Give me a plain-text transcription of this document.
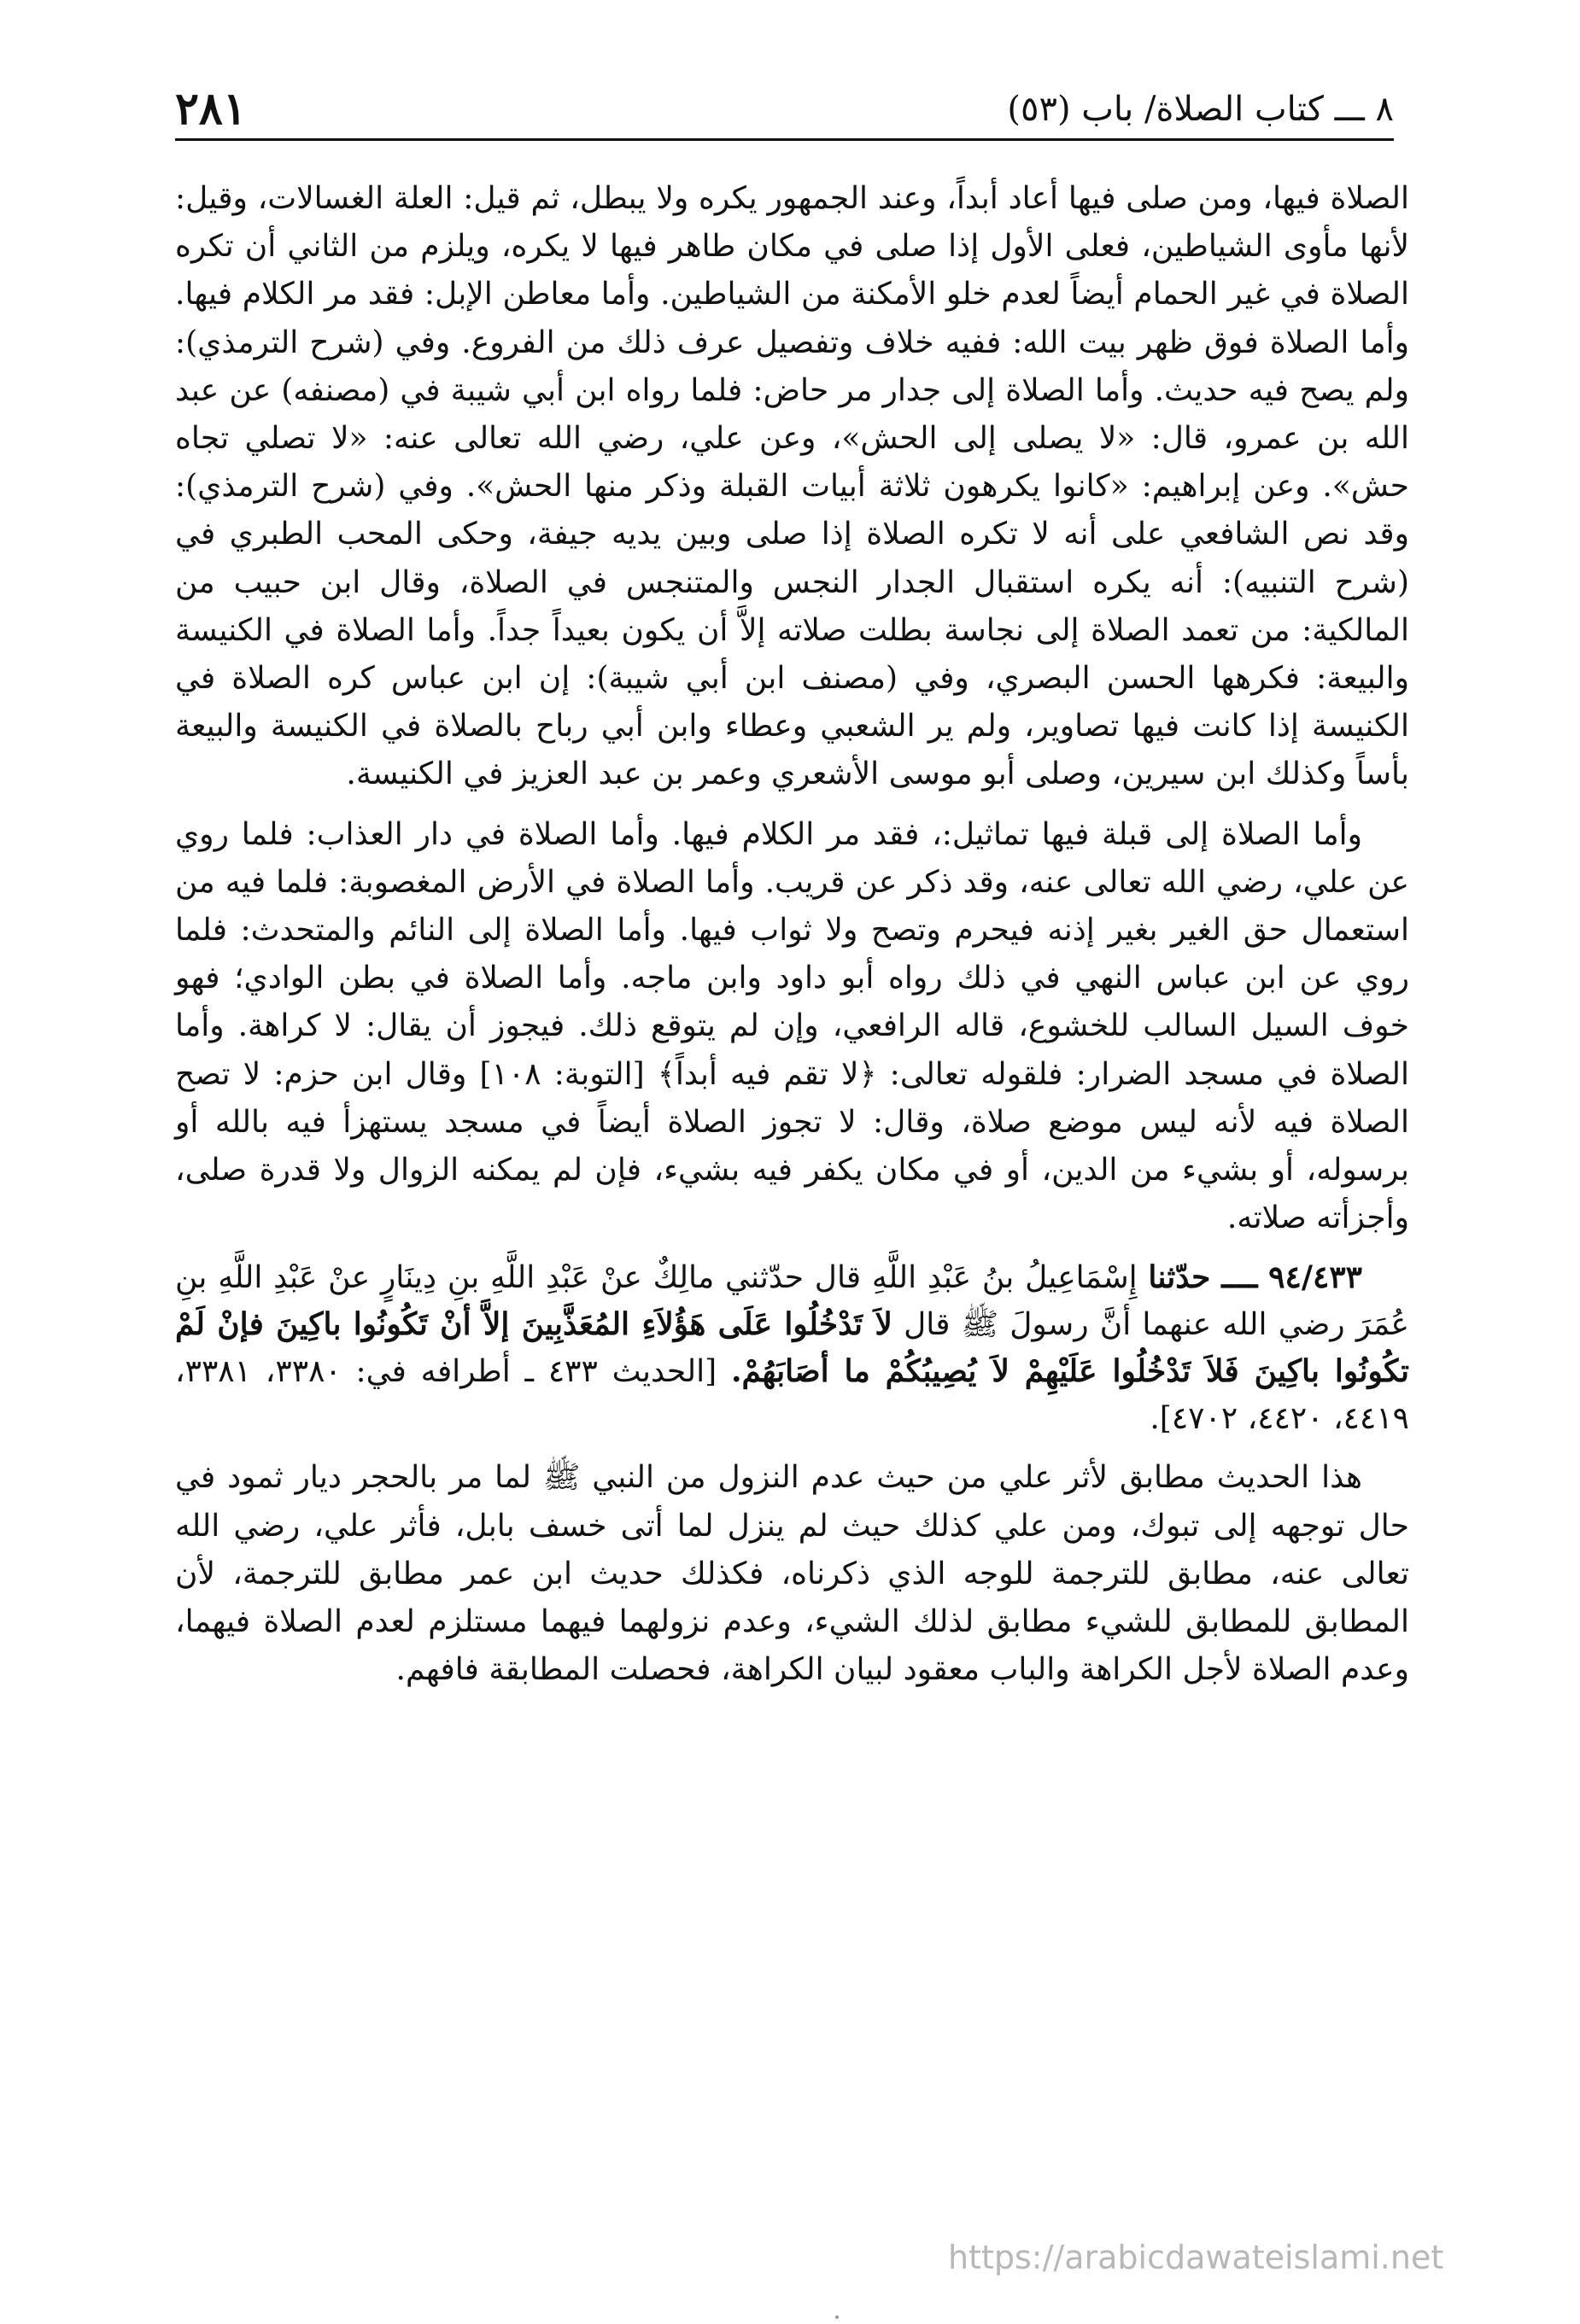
٢٨١	٨ ـــ كتاب الصلاة/ باب (٥٣)

الصلاة فيها، ومن صلى فيها أعاد أبداً، وعند الجمهور يكره ولا يبطل، ثم قيل: العلة الغسالات، وقيل: لأنها مأوى الشياطين، فعلى الأول إذا صلى في مكان طاهر فيها لا يكره، ويلزم من الثاني أن تكره الصلاة في غير الحمام أيضاً لعدم خلو الأمكنة من الشياطين. وأما معاطن الإبل: فقد مر الكلام فيها. وأما الصلاة فوق ظهر بيت الله: ففيه خلاف وتفصيل عرف ذلك من الفروع. وفي (شرح الترمذي): ولم يصح فيه حديث. وأما الصلاة إلى جدار مر حاض: فلما رواه ابن أبي شيبة في (مصنفه) عن عبد الله بن عمرو، قال: «لا يصلى إلى الحش»، وعن علي، رضي الله تعالى عنه: «لا تصلي تجاه حش». وعن إبراهيم: «كانوا يكرهون ثلاثة أبيات القبلة وذكر منها الحش». وفي (شرح الترمذي): وقد نص الشافعي على أنه لا تكره الصلاة إذا صلى وبين يديه جيفة، وحكى المحب الطبري في (شرح التنبيه): أنه يكره استقبال الجدار النجس والمتنجس في الصلاة، وقال ابن حبيب من المالكية: من تعمد الصلاة إلى نجاسة بطلت صلاته إلاَّ أن يكون بعيداً جداً. وأما الصلاة في الكنيسة والبيعة: فكرهها الحسن البصري، وفي (مصنف ابن أبي شيبة): إن ابن عباس كره الصلاة في الكنيسة إذا كانت فيها تصاوير، ولم ير الشعبي وعطاء وابن أبي رباح بالصلاة في الكنيسة والبيعة بأساً وكذلك ابن سيرين، وصلى أبو موسى الأشعري وعمر بن عبد العزيز في الكنيسة.

وأما الصلاة إلى قبلة فيها تماثيل:، فقد مر الكلام فيها. وأما الصلاة في دار العذاب: فلما روي عن علي، رضي الله تعالى عنه، وقد ذكر عن قريب. وأما الصلاة في الأرض المغصوبة: فلما فيه من استعمال حق الغير بغير إذنه فيحرم وتصح ولا ثواب فيها. وأما الصلاة إلى النائم والمتحدث: فلما روي عن ابن عباس النهي في ذلك رواه أبو داود وابن ماجه. وأما الصلاة في بطن الوادي؛ فهو خوف السيل السالب للخشوع، قاله الرافعي، وإن لم يتوقع ذلك. فيجوز أن يقال: لا كراهة. وأما الصلاة في مسجد الضرار: فلقوله تعالى: ﴿لا تقم فيه أبداً﴾ [التوبة: ١٠٨] وقال ابن حزم: لا تصح الصلاة فيه لأنه ليس موضع صلاة، وقال: لا تجوز الصلاة أيضاً في مسجد يستهزأ فيه بالله أو برسوله، أو بشيء من الدين، أو في مكان يكفر فيه بشيء، فإن لم يمكنه الزوال ولا قدرة صلى، وأجزأته صلاته.

٩٤/٤٣٣ ــــ حدّثنا إِسْمَاعِيلُ بنُ عَبْدِ اللَّهِ قال حدّثني مالِكٌ عنْ عَبْدِ اللَّهِ بنِ دِينَارٍ عنْ عَبْدِ اللَّهِ بنِ عُمَرَ رضي الله عنهما أنَّ رسولَ ﷺ قال لاَ تَدْخُلُوا عَلَى هَؤُلاَءِ المُعَذَّبِينَ إلاَّ أنْ تَكُونُوا باكِينَ فإنْ لَمْ تكُونُوا باكِينَ فَلاَ تَدْخُلُوا عَلَيْهِمْ لاَ يُصِيبُكُمْ ما أصَابَهُمْ. [الحديث ٤٣٣ ـ أطرافه في: ٣٣٨٠، ٣٣٨١، ٤٤١٩، ٤٤٢٠، ٤٧٠٢].

هذا الحديث مطابق لأثر علي من حيث عدم النزول من النبي ﷺ لما مر بالحجر ديار ثمود في حال توجهه إلى تبوك، ومن علي كذلك حيث لم ينزل لما أتى خسف بابل، فأثر علي، رضي الله تعالى عنه، مطابق للترجمة للوجه الذي ذكرناه، فكذلك حديث ابن عمر مطابق للترجمة، لأن المطابق للمطابق للشيء مطابق لذلك الشيء، وعدم نزولهما فيهما مستلزم لعدم الصلاة فيهما، وعدم الصلاة لأجل الكراهة والباب معقود لبيان الكراهة، فحصلت المطابقة فافهم.

https://arabicdawateislami.net
